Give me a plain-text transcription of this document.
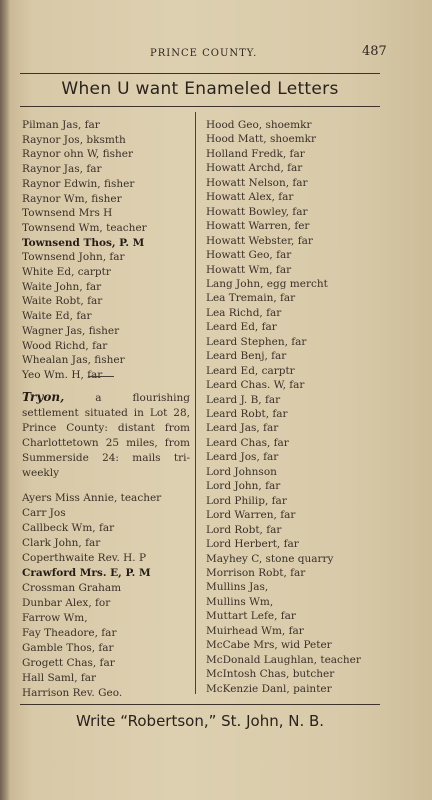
PRINCE COUNTY.	487
When U want Enameled Letters
Pilman Jas, far
Raynor Jos, bksmth
Raynor ohn W, fisher
Raynor Jas, far
Raynor Edwin, fisher
Raynor Wm, fisher
Townsend Mrs H
Townsend Wm, teacher
Townsend Thos, P. M
Townsend John, far
White Ed, carptr
Waite John, far
Waite Robt, far
Waite Ed, far
Wagner Jas, fisher
Wood Richd, far
Whealan Jas, fisher
Yeo Wm. H, far
Tryon,	a flourishing settlement situated in Lot 28, Prince County: distant from Charlottetown 25 miles, from Summerside 24: mails tri-weekly
Ayers Miss Annie, teacher
Carr Jos
Callbeck Wm, far
Clark John, far
Coperthwaite Rev. H. P
Crawford Mrs. E, P. M
Crossman Graham
Dunbar Alex, for
Farrow Wm,
Fay Theadore, far
Gamble Thos, far
Grogett Chas, far
Hall Saml, far
Harrison Rev. Geo.
Hood Geo, shoemkr
Hood Matt, shoemkr
Holland Fredk, far
Howatt Archd, far
Howatt Nelson, far
Howatt Alex, far
Howatt Bowley, far
Howatt Warren, fer
Howatt Webster, far
Howatt Geo, far
Howatt Wm, far
Lang John, egg mercht
Lea Tremain, far
Lea Richd, far
Leard Ed, far
Leard Stephen, far
Leard Benj, far
Leard Ed, carptr
Leard Chas. W, far
Leard J. B, far
Leard Robt, far
Leard Jas, far
Leard Chas, far
Leard Jos, far
Lord Johnson
Lord John, far
Lord Philip, far
Lord Warren, far
Lord Robt, far
Lord Herbert, far
Mayhey C, stone quarry
Morrison Robt, far
Mullins Jas,
Mullins Wm,
Muttart Lefe, far
Muirhead Wm, far
McCabe Mrs, wid Peter
McDonald Laughlan, teacher
McIntosh Chas, butcher
McKenzie Danl, painter
Write “Robertson,” St. John, N. B.
